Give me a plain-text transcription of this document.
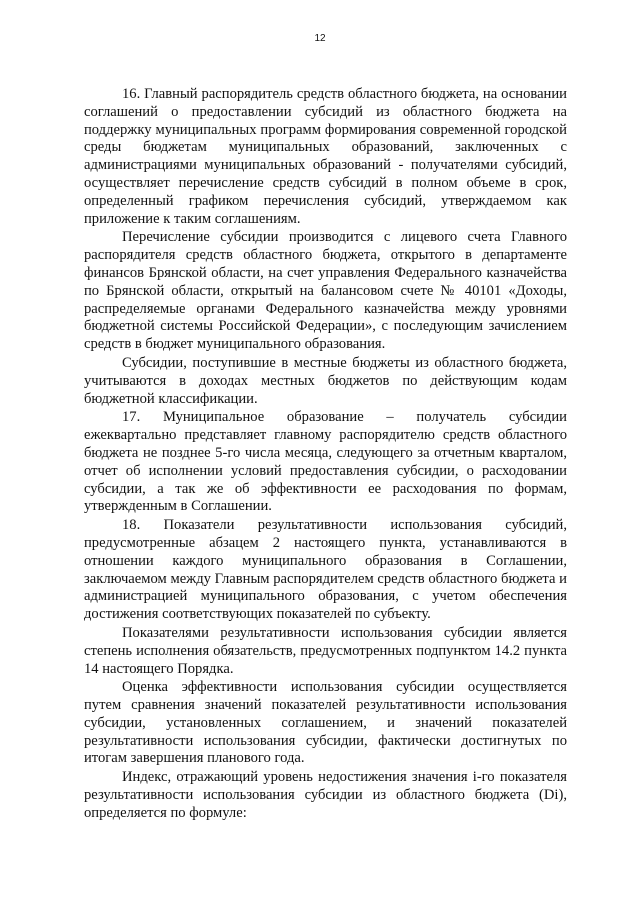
12

16. Главный распорядитель средств областного бюджета, на основании соглашений о предоставлении субсидий из областного бюджета на поддержку муниципальных программ формирования современной городской среды бюджетам муниципальных образований, заключенных с администрациями муниципальных образований - получателями субсидий, осуществляет перечисление средств субсидий в полном объеме в срок, определенный графиком перечисления субсидий, утверждаемом как приложение к таким соглашениям.

Перечисление субсидии производится с лицевого счета Главного распорядителя средств областного бюджета, открытого в департаменте финансов Брянской области, на счет управления Федерального казначейства по Брянской области, открытый на балансовом счете № 40101 «Доходы, распределяемые органами Федерального казначейства между уровнями бюджетной системы Российской Федерации», с последующим зачислением средств в бюджет муниципального образования.

Субсидии, поступившие в местные бюджеты из областного бюджета, учитываются в доходах местных бюджетов по действующим кодам бюджетной классификации.

17. Муниципальное образование – получатель субсидии ежеквартально представляет главному распорядителю средств областного бюджета не позднее 5-го числа месяца, следующего за отчетным кварталом, отчет об исполнении условий предоставления субсидии, о расходовании субсидии, а так же об эффективности ее расходования по формам, утвержденным в Соглашении.

18. Показатели результативности использования субсидий, предусмотренные абзацем 2 настоящего пункта, устанавливаются в отношении каждого муниципального образования в Соглашении, заключаемом между Главным распорядителем средств областного бюджета и администрацией муниципального образования, с учетом обеспечения достижения соответствующих показателей по субъекту.

Показателями результативности использования субсидии является степень исполнения обязательств, предусмотренных подпунктом 14.2 пункта 14 настоящего Порядка.

Оценка эффективности использования субсидии осуществляется путем сравнения значений показателей результативности использования субсидии, установленных соглашением, и значений показателей результативности использования субсидии, фактически достигнутых по итогам завершения планового года.

Индекс, отражающий уровень недостижения значения i-го показателя результативности использования субсидии из областного бюджета (Di), определяется по формуле:
